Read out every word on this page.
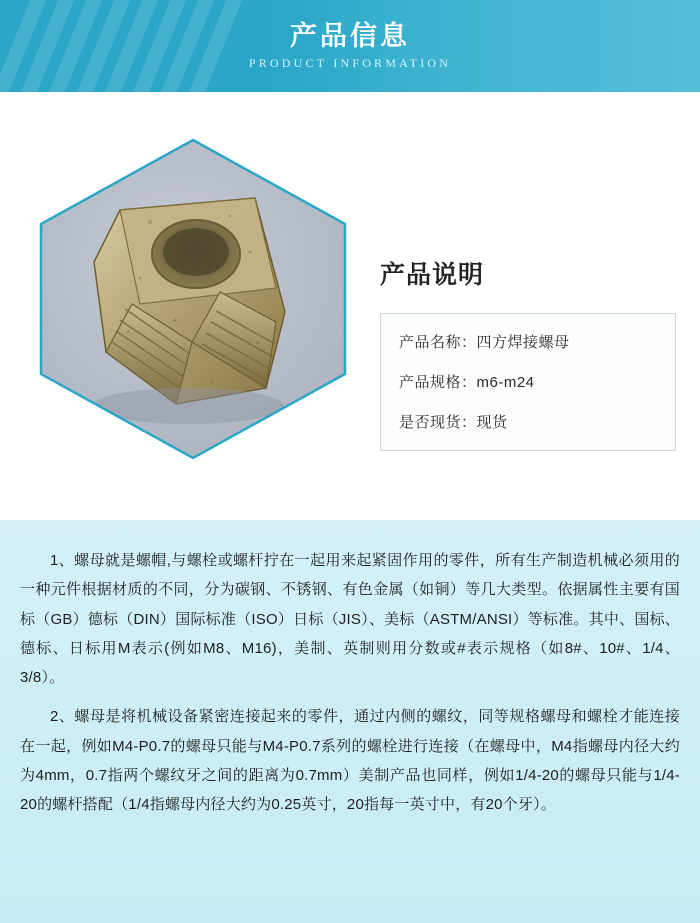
产品信息
PRODUCT INFORMATION
产品说明
产品名称：四方焊接螺母
产品规格：m6-m24
是否现货：现货

1、螺母就是螺帽,与螺栓或螺杆拧在一起用来起紧固作用的零件，所有生产制造机械必须用的一种元件根据材质的不同，分为碳钢、不锈钢、有色金属（如铜）等几大类型。依据属性主要有国标（GB）德标（DIN）国际标准（ISO）日标（JIS）、美标（ASTM/ANSI）等标准。其中、国标、德标、日标用M表示(例如M8、M16)，美制、英制则用分数或#表示规格（如8#、10#、1/4、3/8）。

2、螺母是将机械设备紧密连接起来的零件，通过内侧的螺纹，同等规格螺母和螺栓才能连接在一起，例如M4-P0.7的螺母只能与M4-P0.7系列的螺栓进行连接（在螺母中，M4指螺母内径大约为4mm，0.7指两个螺纹牙之间的距离为0.7mm）美制产品也同样，例如1/4-20的螺母只能与1/4-20的螺杆搭配（1/4指螺母内径大约为0.25英寸，20指每一英寸中，有20个牙）。
